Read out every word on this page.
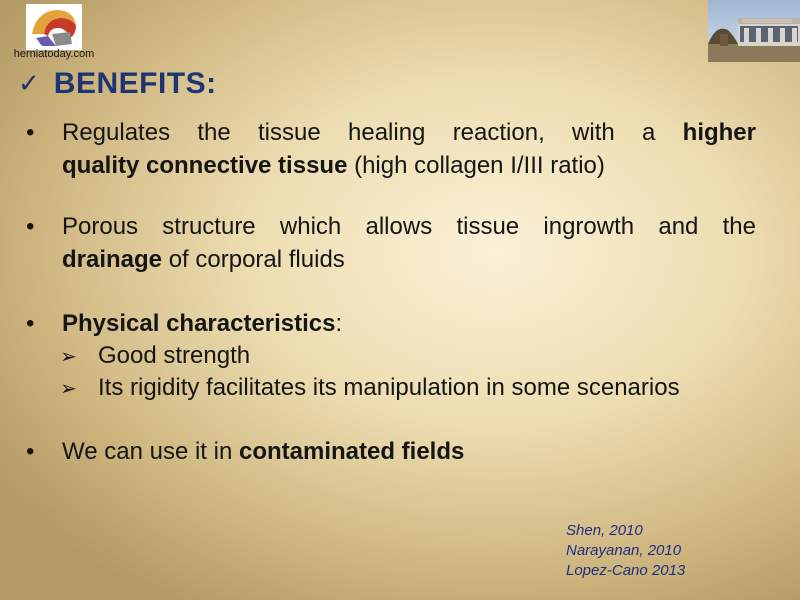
herniatoday.com
✓ BENEFITS:
• Regulates the tissue healing reaction, with a higher
quality connective tissue (high collagen I/III ratio)
• Porous structure which allows tissue ingrowth and the
drainage of corporal fluids
• Physical characteristics:
➢ Good strength
➢ Its rigidity facilitates its manipulation in some scenarios
• We can use it in contaminated fields
Shen, 2010
Narayanan, 2010
Lopez-Cano 2013
